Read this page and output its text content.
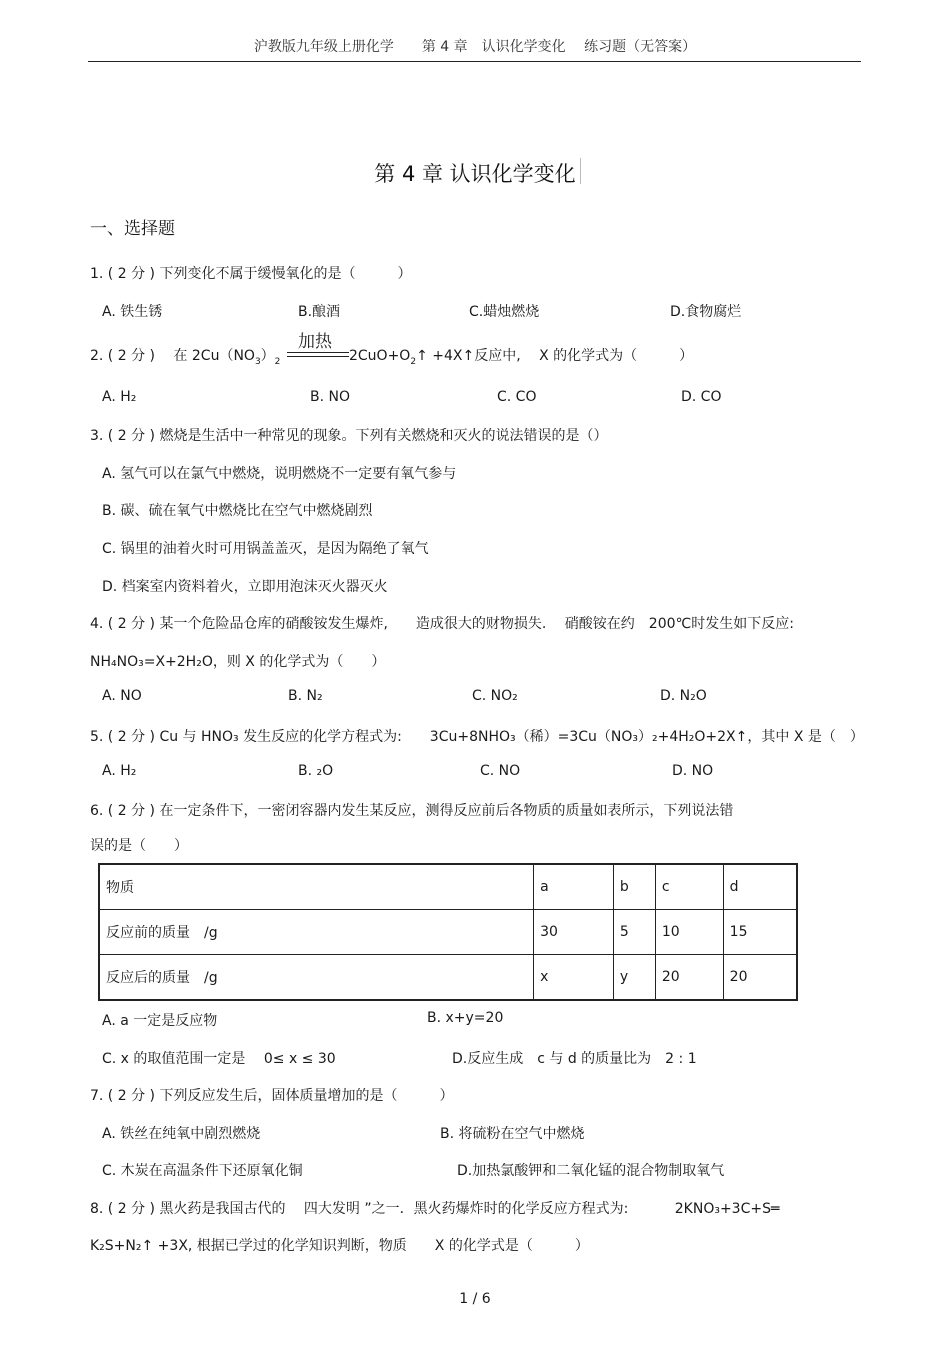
沪教版九年级上册化学　　第 4 章　认识化学变化　 练习题（无答案）
第 4 章 认识化学变化
一、选择题
1. ( 2 分 ) 下列变化不属于缓慢氧化的是（　　　）
A. 铁生锈	B.酿酒	C.蜡烛燃烧	D.食物腐烂
2. ( 2 分 )　 在 $2Cu(NO_3)_2$
加热
$2CuO+O_2↑$ +4X↑反应中,　 X 的化学式为（　　　）
A. H₂	B. NO	C. CO	D. CO
3. ( 2 分 ) 燃烧是生活中一种常见的现象。下列有关燃烧和灭火的说法错误的是（）
A. 氢气可以在氯气中燃烧，说明燃烧不一定要有氧气参与
B. 碳、硫在氧气中燃烧比在空气中燃烧剧烈
C. 锅里的油着火时可用锅盖盖灭，是因为隔绝了氧气
D. 档案室内资料着火，立即用泡沫灭火器灭火
4. ( 2 分 ) 某一个危险品仓库的硝酸铵发生爆炸,　　造成很大的财物损失.　 硝酸铵在约　200℃时发生如下反应:
NH₄NO₃=X+2H₂O，则 X 的化学式为（　　）
A. NO	B. N₂	C. NO₂	D. N₂O
5. ( 2 分 ) Cu 与 HNO₃ 发生反应的化学方程式为:　　3Cu+8NHO₃（稀）=3Cu（NO₃）₂+4H₂O+2X↑，其中 X 是（　）
A. H₂	B. ₂O	C. NO	D. NO
6. ( 2 分 ) 在一定条件下，一密闭容器内发生某反应，测得反应前后各物质的质量如表所示，下列说法错
误的是（　　）
物质	a	b	c	d
反应前的质量　/g	30	5	10	15
反应后的质量　/g	x	y	20	20
A. a 一定是反应物	B. x+y=20
C. x 的取值范围一定是　 0≤ x ≤ 30	D.反应生成　c 与 d 的质量比为　2 : 1
7. ( 2 分 ) 下列反应发生后，固体质量增加的是（　　　）
A. 铁丝在纯氧中剧烈燃烧	B. 将硫粉在空气中燃烧
C. 木炭在高温条件下还原氧化铜	D.加热氯酸钾和二氧化锰的混合物制取氧气
8. ( 2 分 ) 黑火药是我国古代的　 四大发明 ”之一．黑火药爆炸时的化学反应方程式为:　　　 2KNO₃+3C+S═
K₂S+N₂↑ +3X, 根据已学过的化学知识判断，物质　　X 的化学式是（　　　）
1 / 6
